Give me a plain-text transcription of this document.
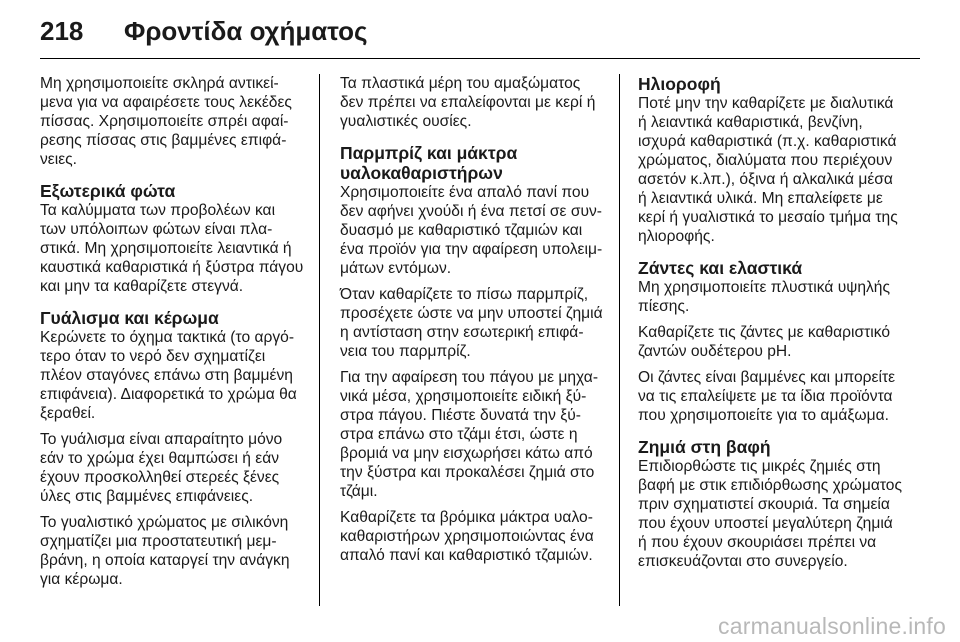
218	Φροντίδα οχήματος

Μη χρησιμοποιείτε σκληρά αντικείμενα για να αφαιρέσετε τους λεκέδες πίσσας. Χρησιμοποιείτε σπρέι αφαίρεσης πίσσας στις βαμμένες επιφάνειες.

Εξωτερικά φώτα

Τα καλύμματα των προβολέων και των υπόλοιπων φώτων είναι πλαστικά. Μη χρησιμοποιείτε λειαντικά ή καυστικά καθαριστικά ή ξύστρα πάγου και μην τα καθαρίζετε στεγνά.

Γυάλισμα και κέρωμα

Κερώνετε το όχημα τακτικά (το αργότερο όταν το νερό δεν σχηματίζει πλέον σταγόνες επάνω στη βαμμένη επιφάνεια). Διαφορετικά το χρώμα θα ξεραθεί.

Το γυάλισμα είναι απαραίτητο μόνο εάν το χρώμα έχει θαμπώσει ή εάν έχουν προσκολληθεί στερεές ξένες ύλες στις βαμμένες επιφάνειες.

Το γυαλιστικό χρώματος με σιλικόνη σχηματίζει μια προστατευτική μεμβράνη, η οποία καταργεί την ανάγκη για κέρωμα.

Τα πλαστικά μέρη του αμαξώματος δεν πρέπει να επαλείφονται με κερί ή γυαλιστικές ουσίες.

Παρμπρίζ και μάκτρα υαλοκαθαριστήρων

Χρησιμοποιείτε ένα απαλό πανί που δεν αφήνει χνούδι ή ένα πετσί σε συνδυασμό με καθαριστικό τζαμιών και ένα προϊόν για την αφαίρεση υπολειμμάτων εντόμων.

Όταν καθαρίζετε το πίσω παρμπρίζ, προσέχετε ώστε να μην υποστεί ζημιά η αντίσταση στην εσωτερική επιφάνεια του παρμπρίζ.

Για την αφαίρεση του πάγου με μηχανικά μέσα, χρησιμοποιείτε ειδική ξύστρα πάγου. Πιέστε δυνατά την ξύστρα επάνω στο τζάμι έτσι, ώστε η βρομιά να μην εισχωρήσει κάτω από την ξύστρα και προκαλέσει ζημιά στο τζάμι.

Καθαρίζετε τα βρόμικα μάκτρα υαλοκαθαριστήρων χρησιμοποιώντας ένα απαλό πανί και καθαριστικό τζαμιών.

Ηλιοροφή

Ποτέ μην την καθαρίζετε με διαλυτικά ή λειαντικά καθαριστικά, βενζίνη, ισχυρά καθαριστικά (π.χ. καθαριστικά χρώματος, διαλύματα που περιέχουν ασετόν κ.λπ.), όξινα ή αλκαλικά μέσα ή λειαντικά υλικά. Μη επαλείφετε με κερί ή γυαλιστικά το μεσαίο τμήμα της ηλιοροφής.

Ζάντες και ελαστικά

Μη χρησιμοποιείτε πλυστικά υψηλής πίεσης.

Καθαρίζετε τις ζάντες με καθαριστικό ζαντών ουδέτερου pH.

Οι ζάντες είναι βαμμένες και μπορείτε να τις επαλείψετε με τα ίδια προϊόντα που χρησιμοποιείτε για το αμάξωμα.

Ζημιά στη βαφή

Επιδιορθώστε τις μικρές ζημιές στη βαφή με στικ επιδιόρθωσης χρώματος πριν σχηματιστεί σκουριά. Τα σημεία που έχουν υποστεί μεγαλύτερη ζημιά ή που έχουν σκουριάσει πρέπει να επισκευάζονται στο συνεργείο.

carmanualsonline.info
